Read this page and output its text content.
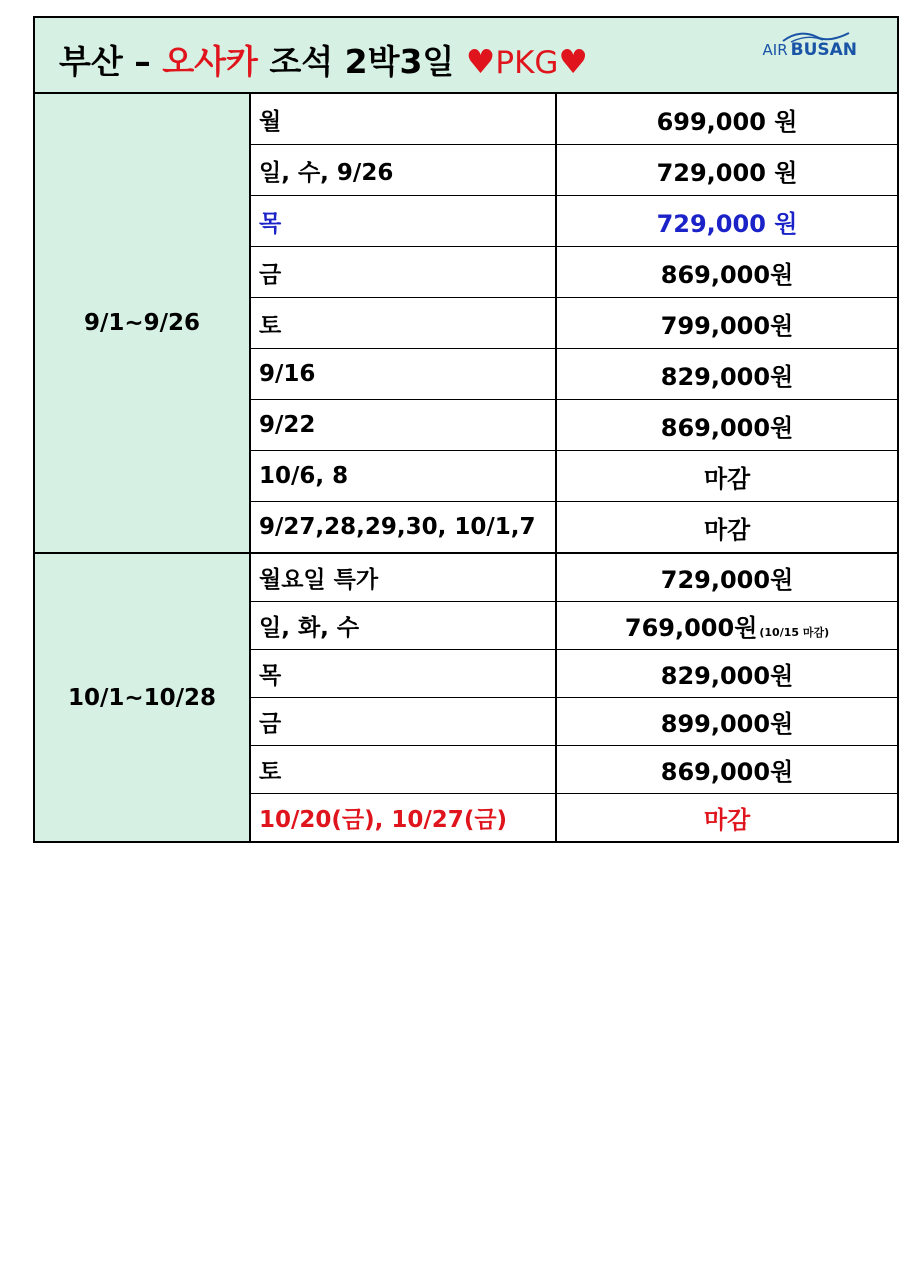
부산 – 오사카 조석 2박3일 ♥PKG♥ AIR BUSAN		

9/1~9/26	월	699,000 원
	일, 수, 9/26	729,000 원
	목	729,000 원
	금	869,000원
	토	799,000원
	9/16	829,000원
	9/22	869,000원
	10/6, 8	마감
	9/27,28,29,30, 10/1,7	마감
10/1~10/28	월요일 특가	729,000원
	일, 화, 수	769,000원 (10/15 마감)
	목	829,000원
	금	899,000원
	토	869,000원
	10/20(금), 10/27(금)	마감
